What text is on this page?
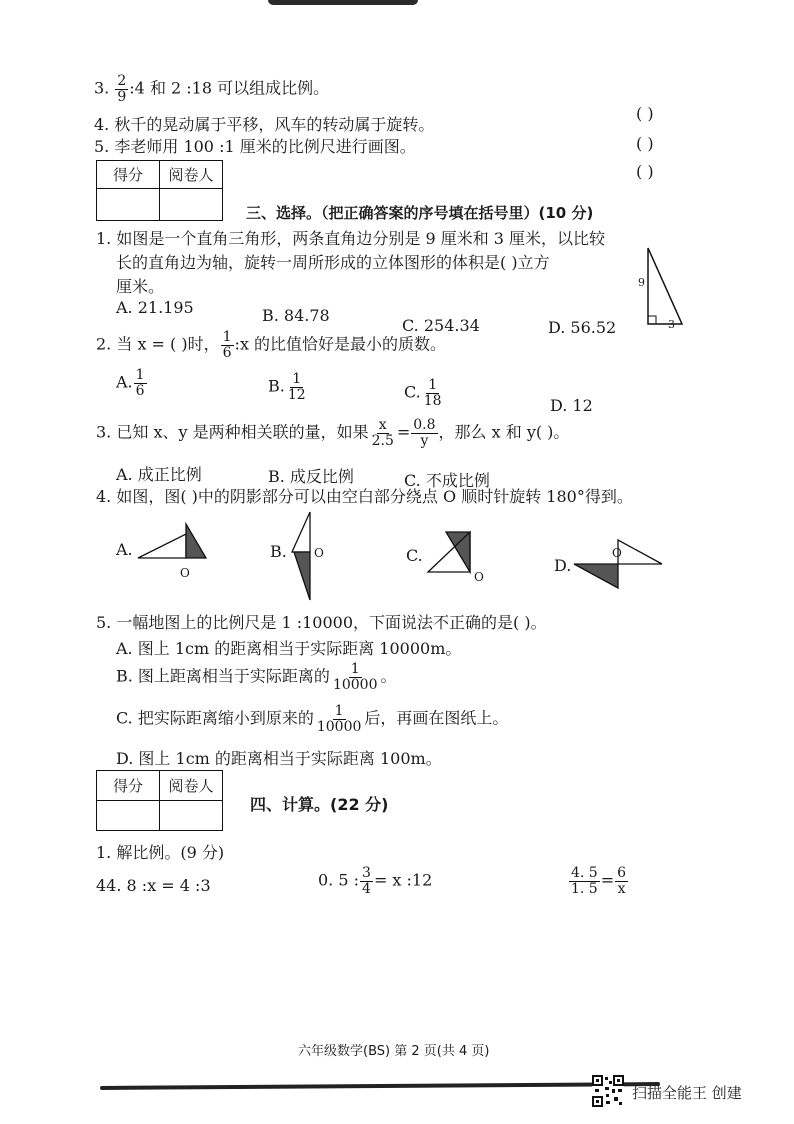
3. $\frac{2}{9}$ :4 和 2 :18 可以组成比例。
( )
4. 秋千的晃动属于平移，风车的转动属于旋转。
( )
5. 李老师用 100 :1 厘米的比例尺进行画图。
( )
得分	阅卷人

三、选择。（把正确答案的序号填在括号里）(10 分)
1. 如图是一个直角三角形，两条直角边分别是 9 厘米和 3 厘米，以比较
长的直角边为轴，旋转一周所形成的立体图形的体积是( )立方
厘米。	9
3
A. 21.195	B. 84.78
C. 254.34	D. 56.52
2. 当 x = ( )时， $\frac{1}{6}$ :x 的比值恰好是最小的质数。
A. $\frac{1}{6}$	B. $\frac{1}{12}$	C. $\frac{1}{18}$	D. 12
3. 已知 x、y 是两种相关联的量，如果 $\frac{x}{2.5} = \frac{0.8}{y}$ ，那么 x 和 y( )。
A. 成正比例	B. 成反比例	C. 不成比例
4. 如图，图( )中的阴影部分可以由空白部分绕点 O 顺时针旋转 180°得到。
A.
O
B. O	C.
O
D.
O
5. 一幅地图上的比例尺是 1 :10000，下面说法不正确的是( )。
A. 图上 1cm 的距离相当于实际距离 10000m。
B. 图上距离相当于实际距离的 $\frac{1}{10000}$ 。
C. 把实际距离缩小到原来的 $\frac{1}{10000}$ 后，再画在图纸上。
D. 图上 1cm 的距离相当于实际距离 100m。
得分	阅卷人

四、计算。(22 分)
1. 解比例。(9 分)
44. 8 :x = 4 :3	0. 5 : $\frac{3}{4} = x$ :12	$\frac{4. 5}{1. 5} = \frac{6}{x}$
六年级数学(BS) 第 2 页(共 4 页)
扫描全能王 创建
